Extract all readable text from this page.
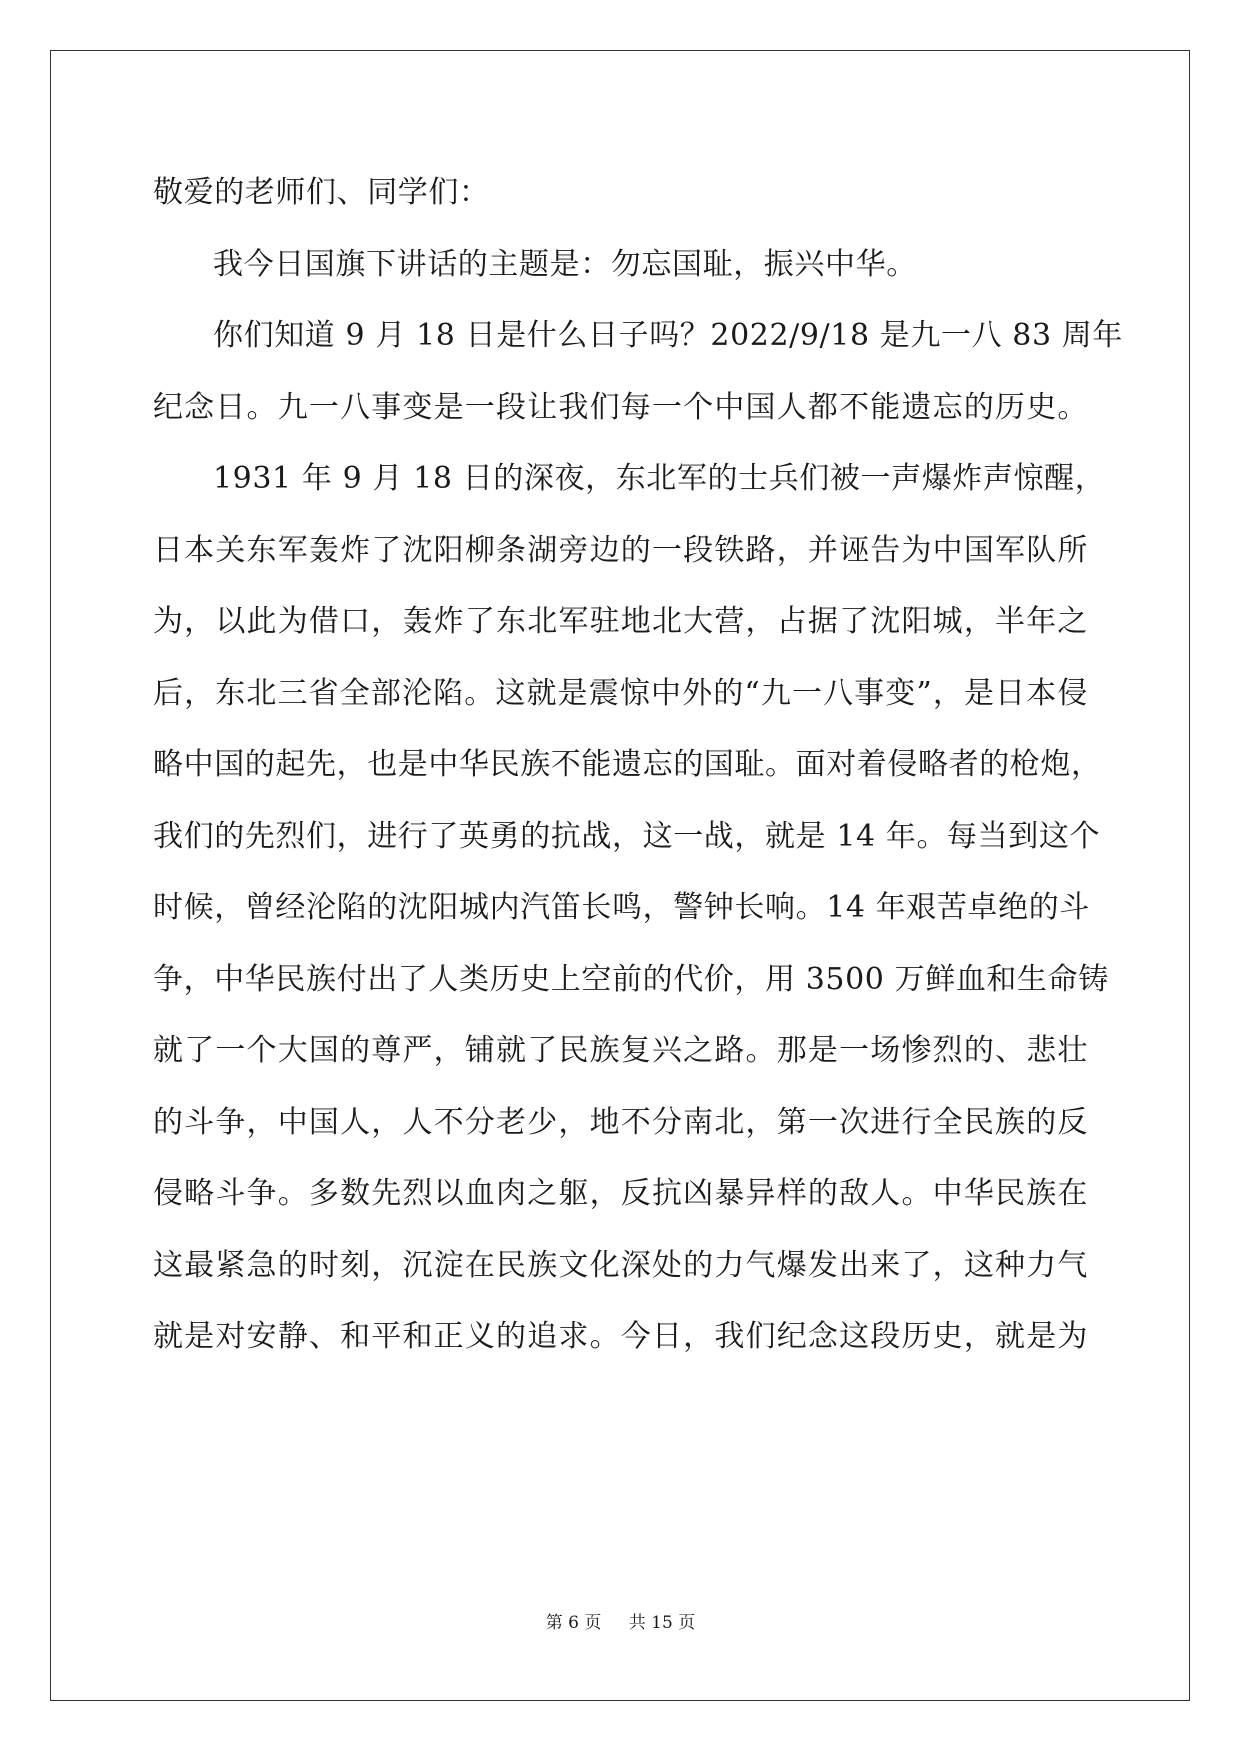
敬爱的老师们、同学们：
我今日国旗下讲话的主题是：勿忘国耻，振兴中华。
你们知道 9 月 18 日是什么日子吗？2022/9/18 是九一八 83 周年
纪念日。九一八事变是一段让我们每一个中国人都不能遗忘的历史。
1931 年 9 月 18 日的深夜，东北军的士兵们被一声爆炸声惊醒，
日本关东军轰炸了沈阳柳条湖旁边的一段铁路，并诬告为中国军队所
为，以此为借口，轰炸了东北军驻地北大营，占据了沈阳城，半年之
后，东北三省全部沦陷。这就是震惊中外的“九一八事变”，是日本侵
略中国的起先，也是中华民族不能遗忘的国耻。面对着侵略者的枪炮，
我们的先烈们，进行了英勇的抗战，这一战，就是 14 年。每当到这个
时候，曾经沦陷的沈阳城内汽笛长鸣，警钟长响。14 年艰苦卓绝的斗
争，中华民族付出了人类历史上空前的代价，用 3500 万鲜血和生命铸
就了一个大国的尊严，铺就了民族复兴之路。那是一场惨烈的、悲壮
的斗争，中国人，人不分老少，地不分南北，第一次进行全民族的反
侵略斗争。多数先烈以血肉之躯，反抗凶暴异样的敌人。中华民族在
这最紧急的时刻，沉淀在民族文化深处的力气爆发出来了，这种力气
就是对安静、和平和正义的追求。今日，我们纪念这段历史，就是为
第 6 页 共 15 页
